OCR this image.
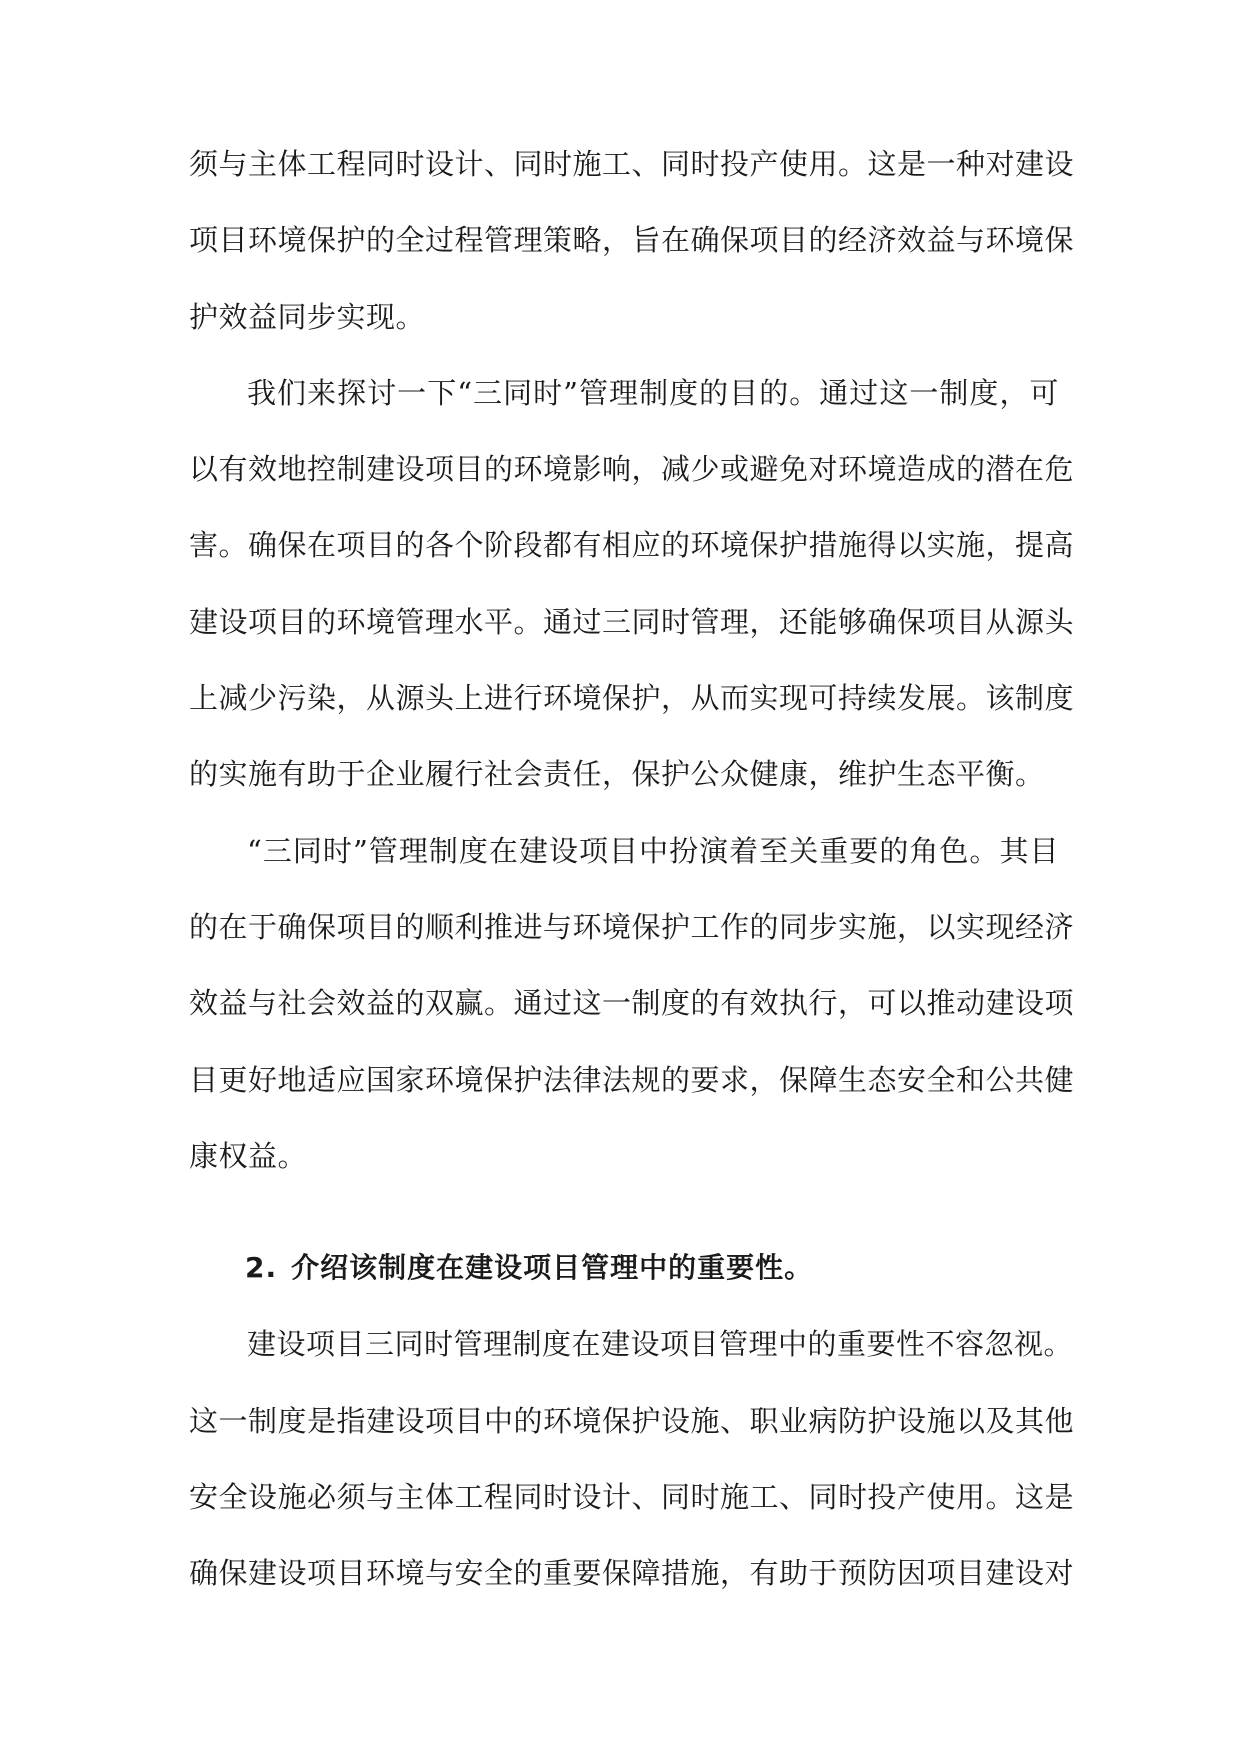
须与主体工程同时设计、同时施工、同时投产使用。这是一种对建设
项目环境保护的全过程管理策略，旨在确保项目的经济效益与环境保
护效益同步实现。
我们来探讨一下“三同时”管理制度的目的。通过这一制度，可
以有效地控制建设项目的环境影响，减少或避免对环境造成的潜在危
害。确保在项目的各个阶段都有相应的环境保护措施得以实施，提高
建设项目的环境管理水平。通过三同时管理，还能够确保项目从源头
上减少污染，从源头上进行环境保护，从而实现可持续发展。该制度
的实施有助于企业履行社会责任，保护公众健康，维护生态平衡。
“三同时”管理制度在建设项目中扮演着至关重要的角色。其目
的在于确保项目的顺利推进与环境保护工作的同步实施，以实现经济
效益与社会效益的双赢。通过这一制度的有效执行，可以推动建设项
目更好地适应国家环境保护法律法规的要求，保障生态安全和公共健
康权益。
2. 介绍该制度在建设项目管理中的重要性。
建设项目三同时管理制度在建设项目管理中的重要性不容忽视。
这一制度是指建设项目中的环境保护设施、职业病防护设施以及其他
安全设施必须与主体工程同时设计、同时施工、同时投产使用。这是
确保建设项目环境与安全的重要保障措施，有助于预防因项目建设对
